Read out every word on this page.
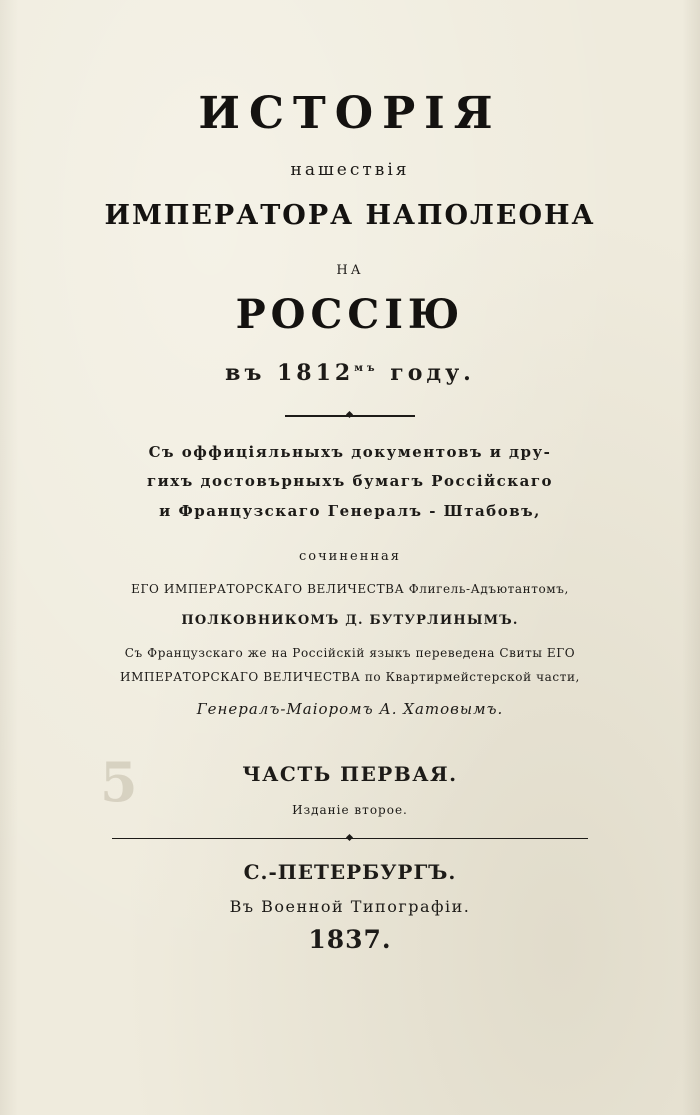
5
ИСТОРІЯ
нашествія
ИМПЕРАТОРА НАПОЛЕОНА
НА
РОССІЮ
въ $1812^{мъ}$ году.
Съ оффиціяльныхъ документовъ и дру-
гихъ достовърныхъ бумагъ Россійскаго
и Французскаго Генералъ - Штабовъ,
сочиненная
ЕГО ИМПЕРАТОРСКАГО ВЕЛИЧЕСТВА Флигель-Адъютантомъ,
ПОЛКОВНИКОМЪ Д. БУТУРЛИНЫМЪ.
Съ Французскаго же на Россійскій языкъ переведена Свиты ЕГО
ИМПЕРАТОРСКАГО ВЕЛИЧЕСТВА по Квартирмейстерской части,
Генералъ-Маіоромъ А. Хатовымъ.
ЧАСТЬ ПЕРВАЯ.
Изданіе второе.
С.-ПЕТЕРБУРГЪ.
Въ Военной Типографіи.
1837.
